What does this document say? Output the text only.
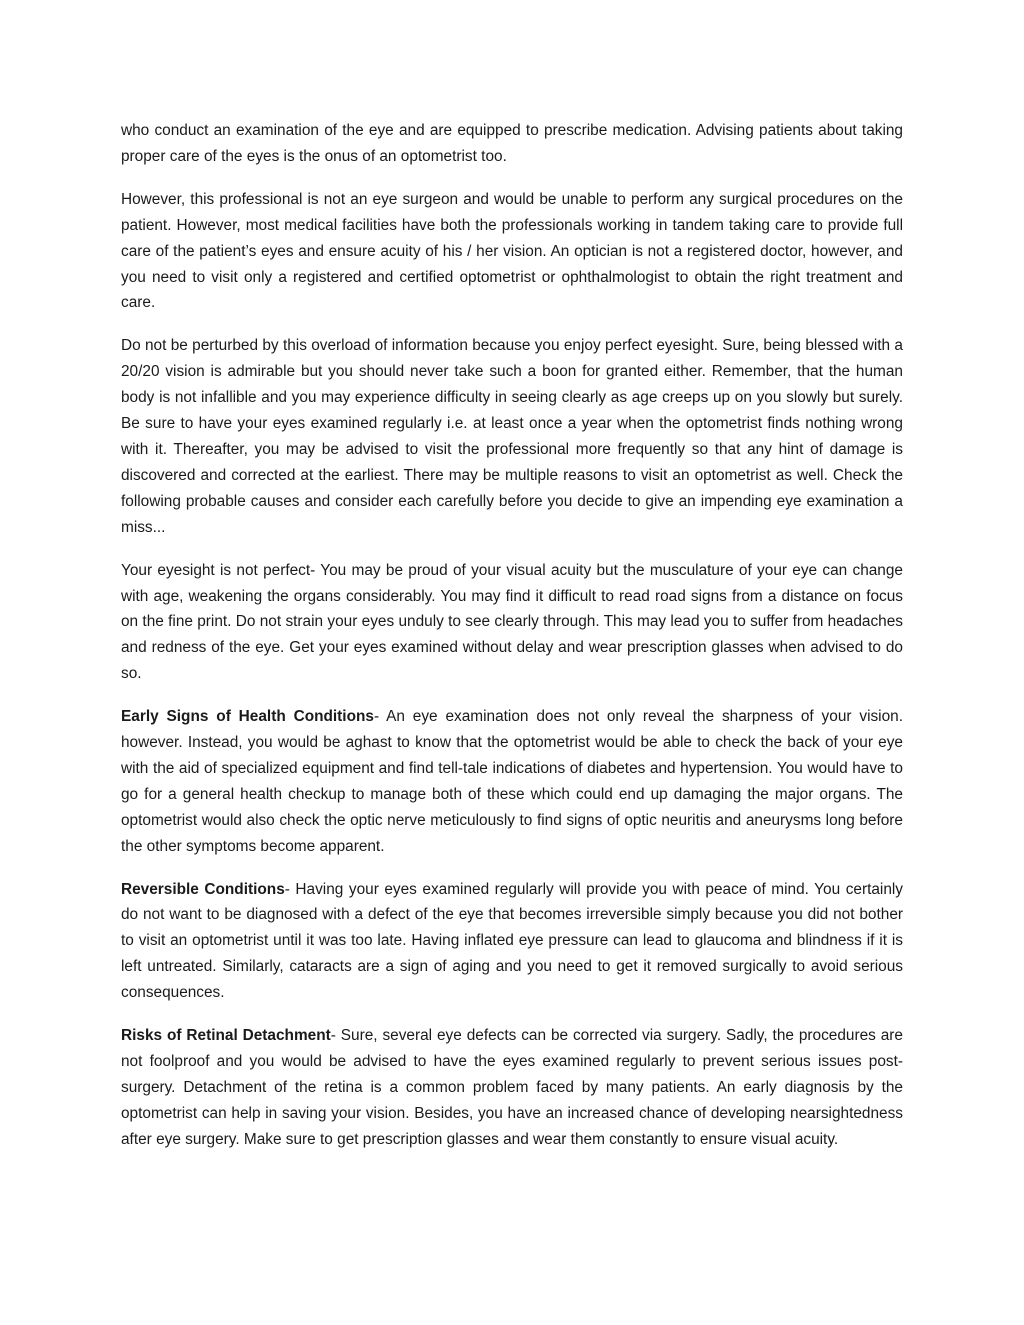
who conduct an examination of the eye and are equipped to prescribe medication. Advising patients about taking proper care of the eyes is the onus of an optometrist too.

However, this professional is not an eye surgeon and would be unable to perform any surgical procedures on the patient. However, most medical facilities have both the professionals working in tandem taking care to provide full care of the patient’s eyes and ensure acuity of his / her vision. An optician is not a registered doctor, however, and you need to visit only a registered and certified optometrist or ophthalmologist to obtain the right treatment and care.

Do not be perturbed by this overload of information because you enjoy perfect eyesight. Sure, being blessed with a 20/20 vision is admirable but you should never take such a boon for granted either. Remember, that the human body is not infallible and you may experience difficulty in seeing clearly as age creeps up on you slowly but surely. Be sure to have your eyes examined regularly i.e. at least once a year when the optometrist finds nothing wrong with it. Thereafter, you may be advised to visit the professional more frequently so that any hint of damage is discovered and corrected at the earliest. There may be multiple reasons to visit an optometrist as well. Check the following probable causes and consider each carefully before you decide to give an impending eye examination a miss...

Your eyesight is not perfect- You may be proud of your visual acuity but the musculature of your eye can change with age, weakening the organs considerably. You may find it difficult to read road signs from a distance on focus on the fine print. Do not strain your eyes unduly to see clearly through. This may lead you to suffer from headaches and redness of the eye. Get your eyes examined without delay and wear prescription glasses when advised to do so.

Early Signs of Health Conditions- An eye examination does not only reveal the sharpness of your vision. however. Instead, you would be aghast to know that the optometrist would be able to check the back of your eye with the aid of specialized equipment and find tell-tale indications of diabetes and hypertension. You would have to go for a general health checkup to manage both of these which could end up damaging the major organs. The optometrist would also check the optic nerve meticulously to find signs of optic neuritis and aneurysms long before the other symptoms become apparent.

Reversible Conditions- Having your eyes examined regularly will provide you with peace of mind. You certainly do not want to be diagnosed with a defect of the eye that becomes irreversible simply because you did not bother to visit an optometrist until it was too late. Having inflated eye pressure can lead to glaucoma and blindness if it is left untreated. Similarly, cataracts are a sign of aging and you need to get it removed surgically to avoid serious consequences.

Risks of Retinal Detachment- Sure, several eye defects can be corrected via surgery. Sadly, the procedures are not foolproof and you would be advised to have the eyes examined regularly to prevent serious issues post-surgery. Detachment of the retina is a common problem faced by many patients. An early diagnosis by the optometrist can help in saving your vision. Besides, you have an increased chance of developing nearsightedness after eye surgery. Make sure to get prescription glasses and wear them constantly to ensure visual acuity.
